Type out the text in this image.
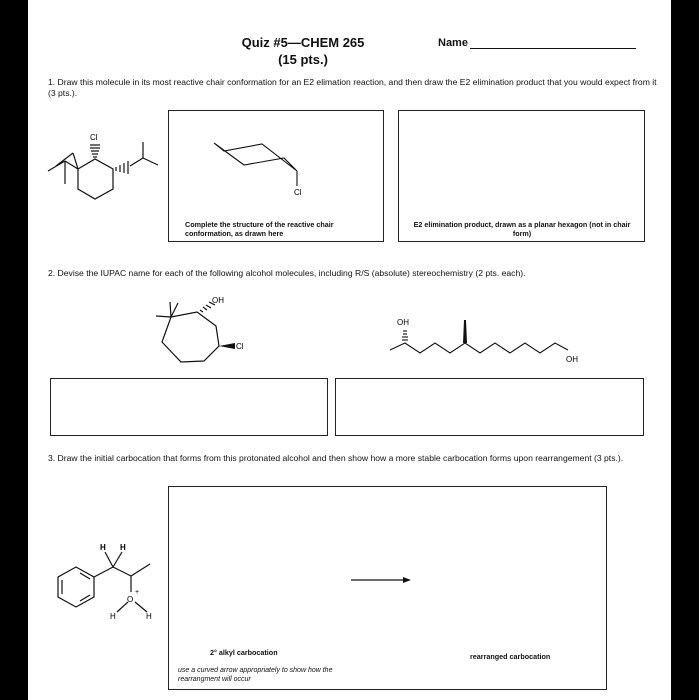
Quiz #5—CHEM 265
(15 pts.)
Name
1. Draw this molecule in its most reactive chair conformation for an E2 elimation reaction, and then draw the E2 elimination product that you would expect from it (3 pts.).
Cl
Cl
Complete the structure of the reactive chair conformation, as drawn here
E2 elimination product, drawn as a planar hexagon (not in chair form)
2. Devise the IUPAC name for each of the following alcohol molecules, including R/S (absolute) stereochemistry (2 pts. each).
OH
Cl
OH
OH
3. Draw the initial carbocation that forms from this protonated alcohol and then show how a more stable carbocation forms upon rearrangement (3 pts.).
H H
O
+
H	H
2° alkyl carbocation
use a curved arrow appropriately to show how the rearrangment will occur
rearranged carbocation
